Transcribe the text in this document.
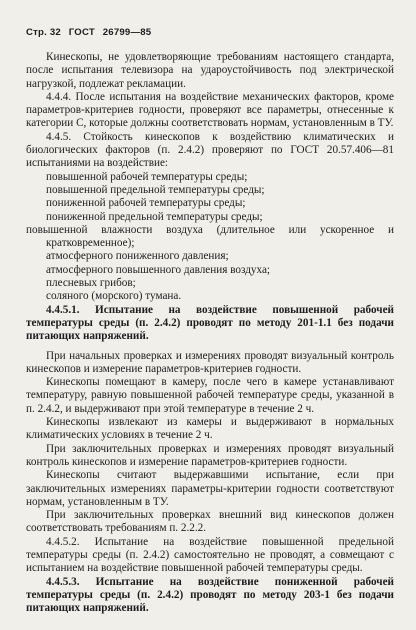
Стр. 32 ГОСТ 26799—85

Кинескопы, не удовлетворяющие требованиям настоящего стандарта, после испытания телевизора на удароустойчивость под электрической нагрузкой, подлежат рекламации.

4.4.4. После испытания на воздействие механических факторов, кроме параметров-критериев годности, проверяют все параметры, отнесенные к категории С, которые должны соответствовать нормам, установленным в ТУ.

4.4.5. Стойкость кинескопов к воздействию климатических и биологических факторов (п. 2.4.2) проверяют по ГОСТ 20.57.406—81 испытаниями на воздействие:

повышенной рабочей температуры среды;

повышенной предельной температуры среды;

пониженной рабочей температуры среды;

пониженной предельной температуры среды;

повышенной влажности воздуха (длительное или ускоренное и кратковременное);

атмосферного пониженного давления;

атмосферного повышенного давления воздуха;

плесневых грибов;

соляного (морского) тумана.

4.4.5.1. Испытание на воздействие повышенной рабочей температуры среды (п. 2.4.2) проводят по методу 201-1.1 без подачи питающих напряжений.

При начальных проверках и измерениях проводят визуальный контроль кинескопов и измерение параметров-критериев годности.

Кинескопы помещают в камеру, после чего в камере устанавливают температуру, равную повышенной рабочей температуре среды, указанной в п. 2.4.2, и выдерживают при этой температуре в течение 2 ч.

Кинескопы извлекают из камеры и выдерживают в нормальных климатических условиях в течение 2 ч.

При заключительных проверках и измерениях проводят визуальный контроль кинескопов и измерение параметров-критериев годности.

Кинескопы считают выдержавшими испытание, если при заключительных измерениях параметры-критерии годности соответствуют нормам, установленным в ТУ.

При заключительных проверках внешний вид кинескопов должен соответствовать требованиям п. 2.2.2.

4.4.5.2. Испытание на воздействие повышенной предельной температуры среды (п. 2.4.2) самостоятельно не проводят, а совмещают с испытанием на воздействие повышенной рабочей температуры среды.

4.4.5.3. Испытание на воздействие пониженной рабочей температуры среды (п. 2.4.2) проводят по методу 203-1 без подачи питающих напряжений.
